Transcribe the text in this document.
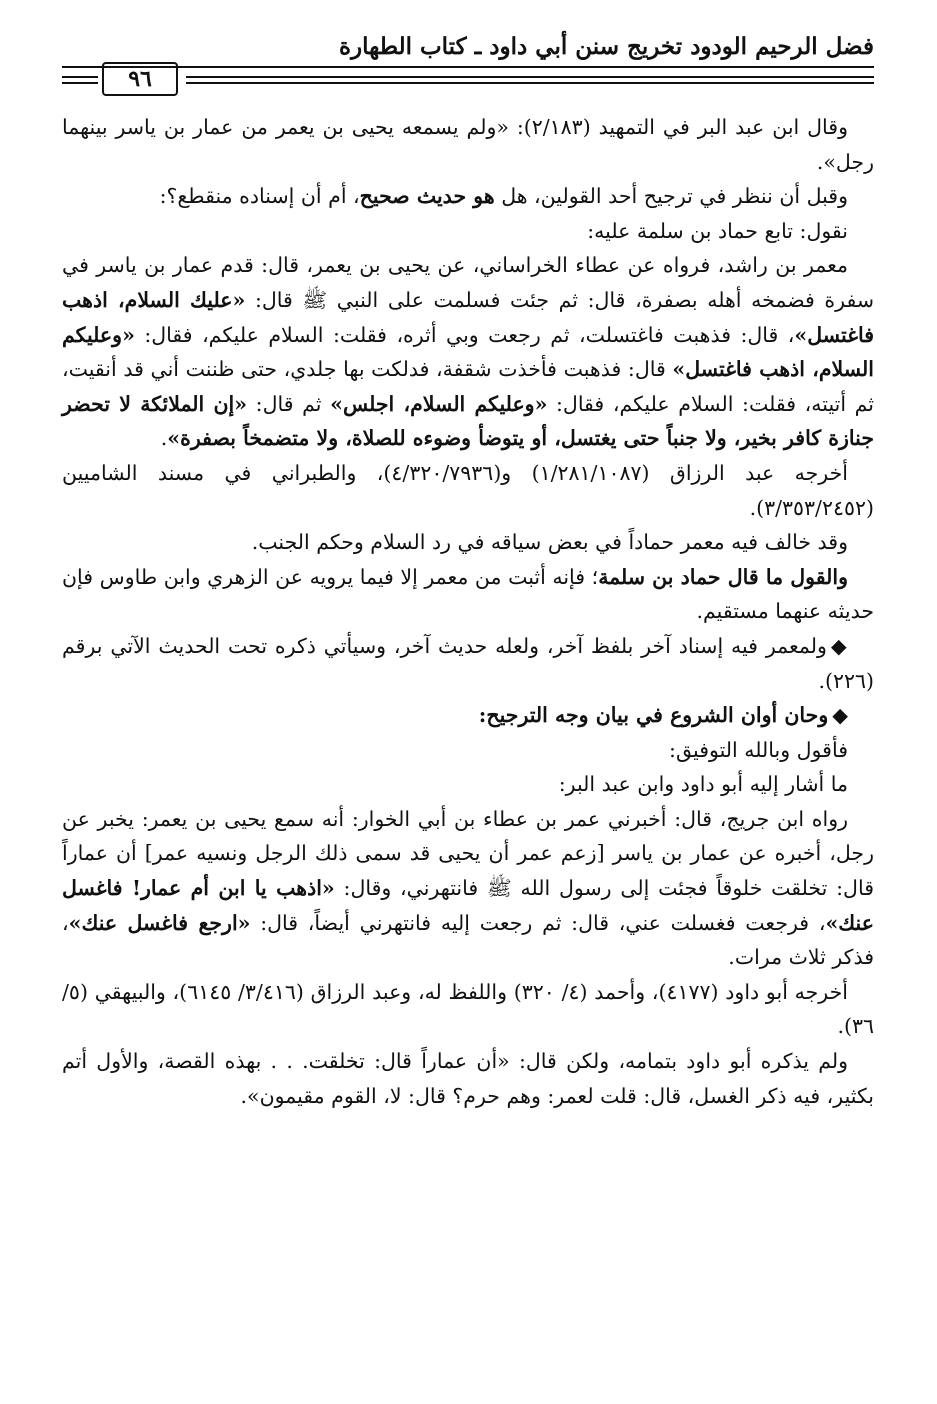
فضل الرحيم الودود تخريج سنن أبي داود ـ كتاب الطهارة
٩٦

وقال ابن عبد البر في التمهيد (٢/١٨٣): «ولم يسمعه يحيى بن يعمر من عمار بن ياسر بينهما رجل».

وقبل أن ننظر في ترجيح أحد القولين، هل هو حديث صحيح، أم أن إسناده منقطع؟:

نقول: تابع حماد بن سلمة عليه:

معمر بن راشد، فرواه عن عطاء الخراساني، عن يحيى بن يعمر، قال: قدم عمار بن ياسر في سفرة فضمخه أهله بصفرة، قال: ثم جئت فسلمت على النبي ﷺ قال: «عليك السلام، اذهب فاغتسل»، قال: فذهبت فاغتسلت، ثم رجعت وبي أثره، فقلت: السلام عليكم، فقال: «وعليكم السلام، اذهب فاغتسل» قال: فذهبت فأخذت شقفة، فدلكت بها جلدي، حتى ظننت أني قد أنقيت، ثم أتيته، فقلت: السلام عليكم، فقال: «وعليكم السلام، اجلس» ثم قال: «إن الملائكة لا تحضر جنازة كافر بخير، ولا جنباً حتى يغتسل، أو يتوضأ وضوءه للصلاة، ولا متضمخاً بصفرة».

أخرجه عبد الرزاق (١/٢٨١/١٠٨٧) و(٤/٣٢٠/٧٩٣٦)، والطبراني في مسند الشاميين (٣/٣٥٣/٢٤٥٢).

وقد خالف فيه معمر حماداً في بعض سياقه في رد السلام وحكم الجنب.

والقول ما قال حماد بن سلمة؛ فإنه أثبت من معمر إلا فيما يرويه عن الزهري وابن طاوس فإن حديثه عنهما مستقيم.

◆ولمعمر فيه إسناد آخر بلفظ آخر، ولعله حديث آخر، وسيأتي ذكره تحت الحديث الآتي برقم (٢٢٦).

◆وحان أوان الشروع في بيان وجه الترجيح:

فأقول وبالله التوفيق:

ما أشار إليه أبو داود وابن عبد البر:

رواه ابن جريج، قال: أخبرني عمر بن عطاء بن أبي الخوار: أنه سمع يحيى بن يعمر: يخبر عن رجل، أخبره عن عمار بن ياسر [زعم عمر أن يحيى قد سمى ذلك الرجل ونسيه عمر] أن عماراً قال: تخلقت خلوقاً فجئت إلى رسول الله ﷺ فانتهرني، وقال: «اذهب يا ابن أم عمار! فاغسل عنك»، فرجعت فغسلت عني، قال: ثم رجعت إليه فانتهرني أيضاً، قال: «ارجع فاغسل عنك»، فذكر ثلاث مرات.

أخرجه أبو داود (٤١٧٧)، وأحمد (٤/ ٣٢٠) واللفظ له، وعبد الرزاق (٣/٤١٦/ ٦١٤٥)، والبيهقي (٥/ ٣٦).

ولم يذكره أبو داود بتمامه، ولكن قال: «أن عماراً قال: تخلقت. . . بهذه القصة، والأول أتم بكثير، فيه ذكر الغسل، قال: قلت لعمر: وهم حرم؟ قال: لا، القوم مقيمون».
